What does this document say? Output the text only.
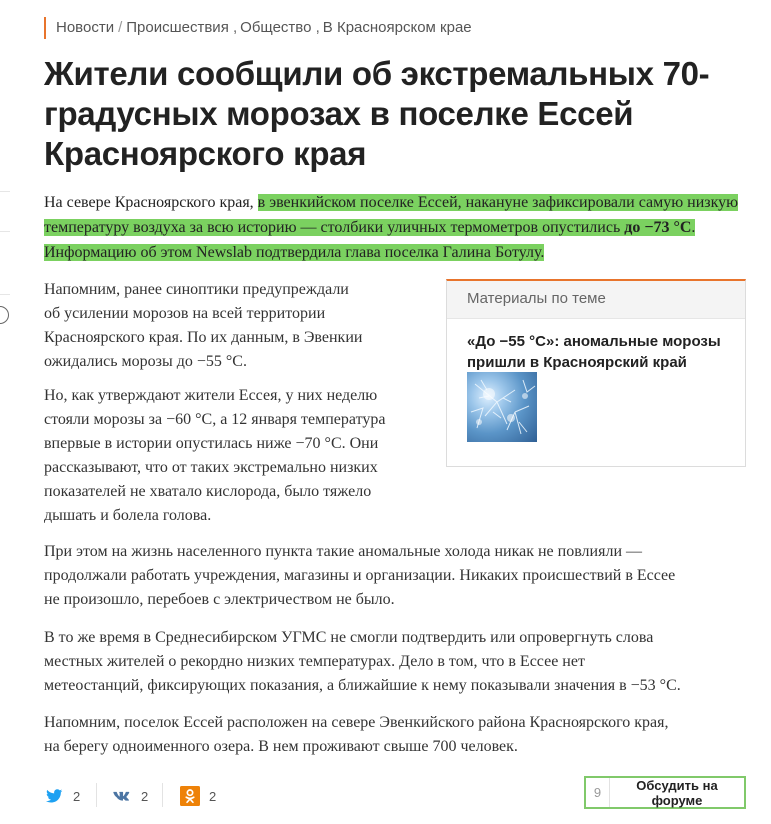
Новости / Происшествия , Общество , В Красноярском крае
Жители сообщили об экстремальных 70-градусных морозах в поселке Ессей Красноярского края

На севере Красноярского края, в эвенкийском поселке Ессей, накануне зафиксировали самую низкую температуру воздуха за всю историю — столбики уличных термометров опустились до −73 °С. Информацию об этом Newslab подтвердила глава поселка Галина Ботулу.

Напомним, ранее синоптики предупреждали
об усилении морозов на всей территории
Красноярского края. По их данным, в Эвенкии
ожидались морозы до −55 °С.

Но, как утверждают жители Ессея, у них неделю
стояли морозы за −60 °С, а 12 января температура
впервые в истории опустилась ниже −70 °С. Они
рассказывают, что от таких экстремально низких
показателей не хватало кислорода, было тяжело
дышать и болела голова.

При этом на жизнь населенного пункта такие аномальные холода никак не повлияли —
продолжали работать учреждения, магазины и организации. Никаких происшествий в Ессее
не произошло, перебоев с электричеством не было.

В то же время в Среднесибирском УГМС не смогли подтвердить или опровергнуть слова
местных жителей о рекордно низких температурах. Дело в том, что в Ессее нет
метеостанций, фиксирующих показания, а ближайшие к нему показывали значения в −53 °С.

Напомним, поселок Ессей расположен на севере Эвенкийского района Красноярского края,
на берегу одноименного озера. В нем проживают свыше 700 человек.

Материалы по теме
«До −55 °С»: аномальные морозы пришли в Красноярский край
2	2	2	9	Обсудить на форуме
